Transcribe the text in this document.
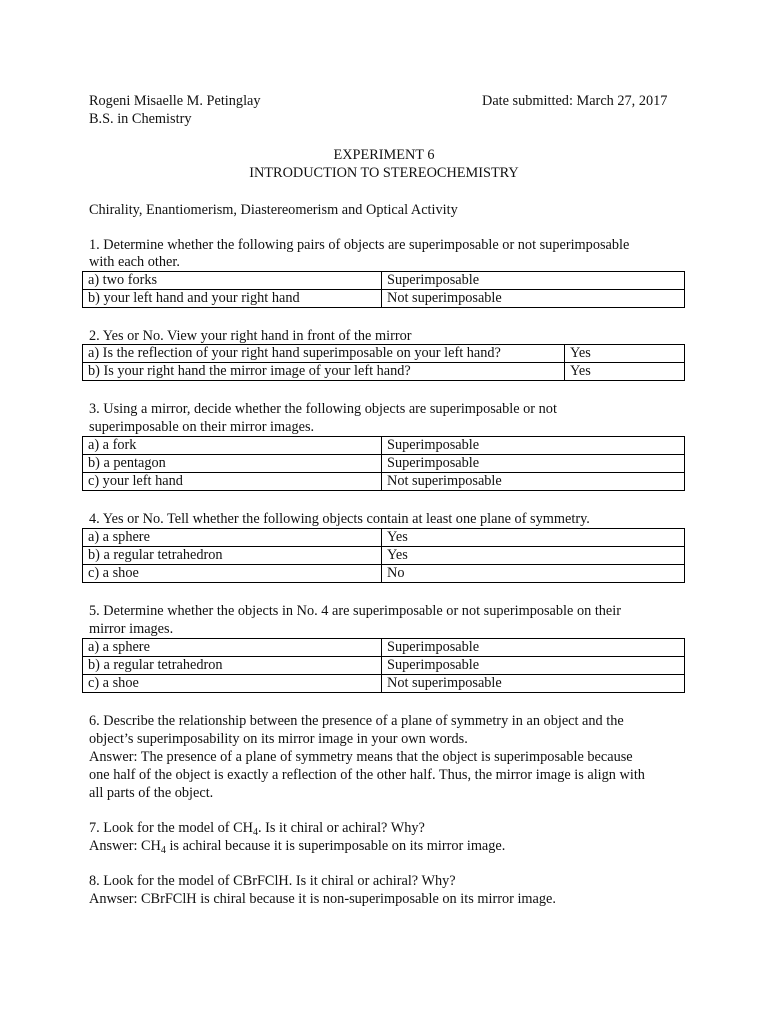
Rogeni Misaelle M. Petinglay	Date submitted: March 27, 2017
B.S. in Chemistry
EXPERIMENT 6
INTRODUCTION TO STEREOCHEMISTRY
Chirality, Enantiomerism, Diastereomerism and Optical Activity
1. Determine whether the following pairs of objects are superimposable or not superimposable
with each other.
a) two forks	Superimposable
b) your left hand and your right hand	Not superimposable
2. Yes or No. View your right hand in front of the mirror
a) Is the reflection of your right hand superimposable on your left hand?	Yes
b) Is your right hand the mirror image of your left hand?	Yes
3. Using a mirror, decide whether the following objects are superimposable or not
superimposable on their mirror images.
a) a fork	Superimposable
b) a pentagon	Superimposable
c) your left hand	Not superimposable
4. Yes or No. Tell whether the following objects contain at least one plane of symmetry.
a) a sphere	Yes
b) a regular tetrahedron	Yes
c) a shoe	No
5. Determine whether the objects in No. 4 are superimposable or not superimposable on their
mirror images.
a) a sphere	Superimposable
b) a regular tetrahedron	Superimposable
c) a shoe	Not superimposable
6. Describe the relationship between the presence of a plane of symmetry in an object and the
object’s superimposability on its mirror image in your own words.
Answer: The presence of a plane of symmetry means that the object is superimposable because
one half of the object is exactly a reflection of the other half. Thus, the mirror image is align with
all parts of the object.
7. Look for the model of $CH_4$. Is it chiral or achiral? Why?
Answer: $CH_4$ is achiral because it is superimposable on its mirror image.
8. Look for the model of CBrFClH. Is it chiral or achiral? Why?
Anwser: CBrFClH is chiral because it is non-superimposable on its mirror image.
